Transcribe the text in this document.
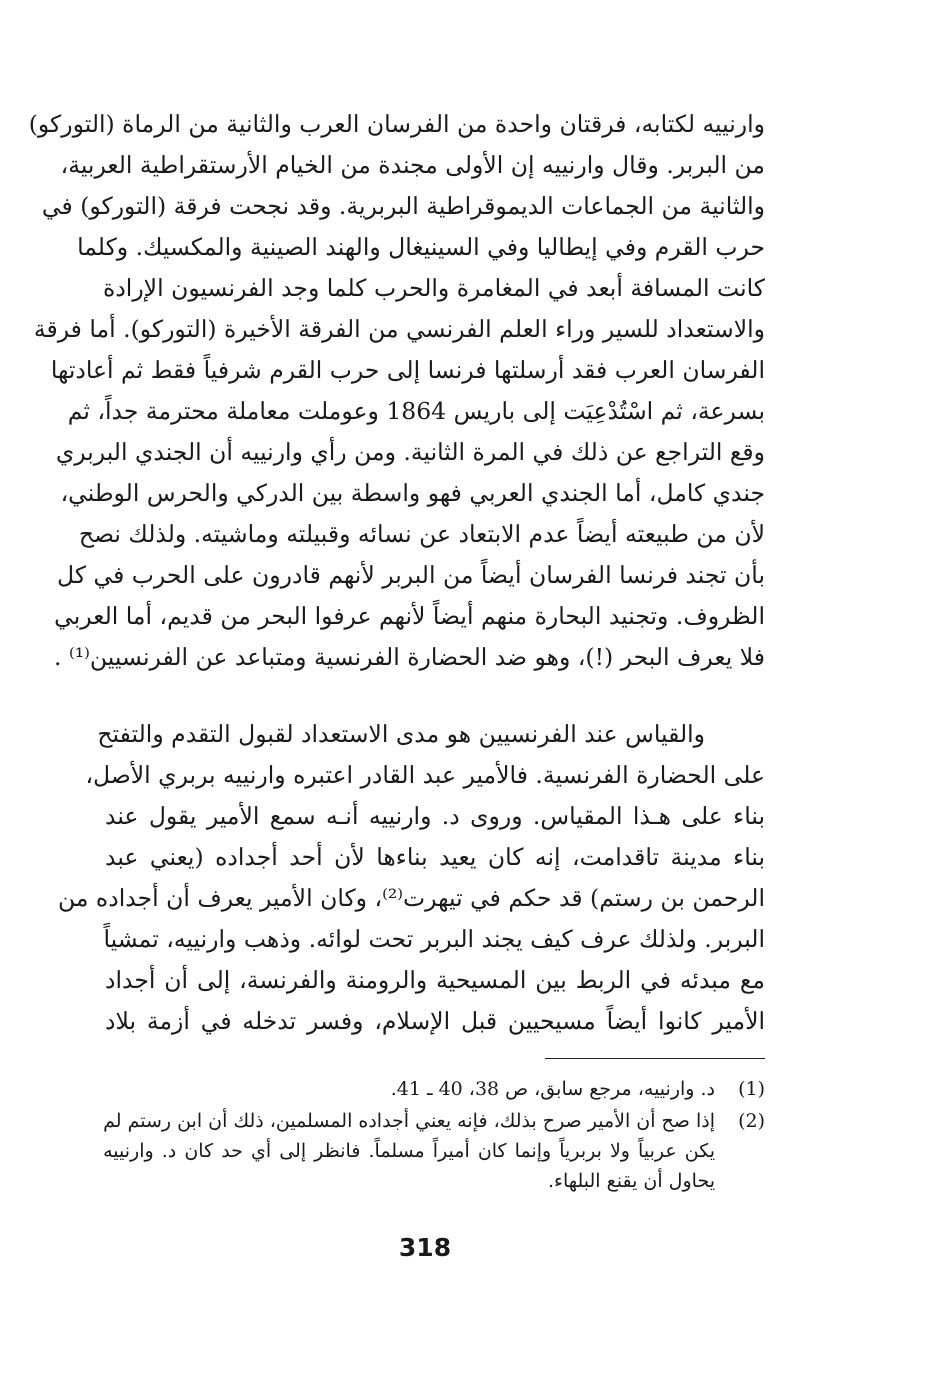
وارنييه لكتابه، فرقتان واحدة من الفرسان العرب والثانية من الرماة (التوركو)
من البربر. وقال وارنييه إن الأولى مجندة من الخيام الأرستقراطية العربية،
والثانية من الجماعات الديموقراطية البربرية. وقد نجحت فرقة (التوركو) في
حرب القرم وفي إيطاليا وفي السينيغال والهند الصينية والمكسيك. وكلما
كانت المسافة أبعد في المغامرة والحرب كلما وجد الفرنسيون الإرادة
والاستعداد للسير وراء العلم الفرنسي من الفرقة الأخيرة (التوركو). أما فرقة
الفرسان العرب فقد أرسلتها فرنسا إلى حرب القرم شرفياً فقط ثم أعادتها
بسرعة، ثم اسْتُدْعِيَت إلى باريس 1864 وعوملت معاملة محترمة جداً، ثم
وقع التراجع عن ذلك في المرة الثانية. ومن رأي وارنييه أن الجندي البربري
جندي كامل، أما الجندي العربي فهو واسطة بين الدركي والحرس الوطني،
لأن من طبيعته أيضاً عدم الابتعاد عن نسائه وقبيلته وماشيته. ولذلك نصح
بأن تجند فرنسا الفرسان أيضاً من البربر لأنهم قادرون على الحرب في كل
الظروف. وتجنيد البحارة منهم أيضاً لأنهم عرفوا البحر من قديم، أما العربي
فلا يعرف البحر (!)، وهو ضد الحضارة الفرنسية ومتباعد عن الفرنسيين⁽¹⁾ .
والقياس عند الفرنسيين هو مدى الاستعداد لقبول التقدم والتفتح
على الحضارة الفرنسية. فالأمير عبد القادر اعتبره وارنييه بربري الأصل،
بناء على هـذا المقياس. وروى د. وارنييه أنـه سمع الأمير يقول عند
بناء مدينة تاقدامت، إنه كان يعيد بناءها لأن أحد أجداده (يعني عبد
الرحمن بن رستم) قد حكم في تيهرت⁽²⁾، وكان الأمير يعرف أن أجداده من
البربر. ولذلك عرف كيف يجند البربر تحت لوائه. وذهب وارنييه، تمشياً
مع مبدئه في الربط بين المسيحية والرومنة والفرنسة، إلى أن أجداد
الأمير كانوا أيضاً مسيحيين قبل الإسلام، وفسر تدخله في أزمة بلاد
(1)
د. وارنييه، مرجع سابق، ص 38، 40 ـ 41.
(2)
إذا صح أن الأمير صرح بذلك، فإنه يعني أجداده المسلمين، ذلك أن ابن رستم لم
يكن عربياً ولا بربرياً وإنما كان أميراً مسلماً. فانظر إلى أي حد كان د. وارنييه
يحاول أن يقنع البلهاء.
318
